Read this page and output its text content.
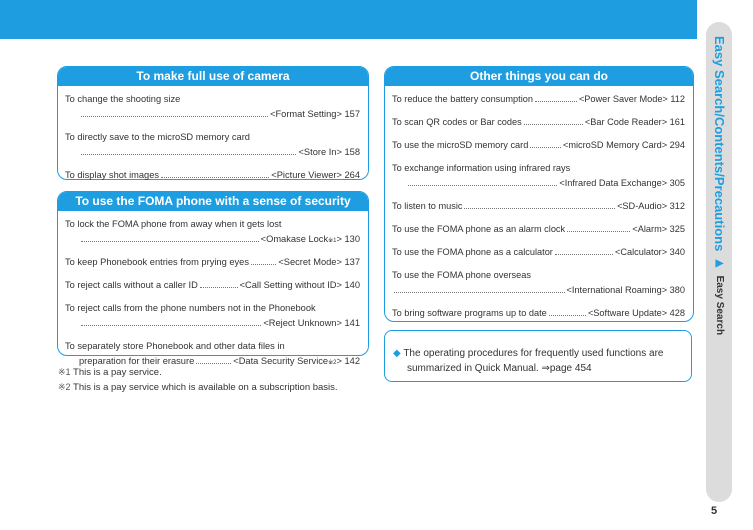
Easy Search/Contents/Precautions ▶ Easy Search
5
To make full use of camera
To change the shooting size
<Format Setting> 157
To directly save to the microSD memory card
<Store In> 158
To display shot images	<Picture Viewer> 264
To use the FOMA phone with a sense of security
To lock the FOMA phone from away when it gets lost
<Omakase Lock ※1 > 130
To keep Phonebook entries from prying eyes	<Secret Mode> 137
To reject calls without a caller ID	<Call Setting without ID> 140
To reject calls from the phone numbers not in the Phonebook
<Reject Unknown> 141
To separately store Phonebook and other data files in
preparation for their erasure	<Data Security Service ※2 > 142
※1 This is a pay service.
※2 This is a pay service which is available on a subscription basis.
Other things you can do
To reduce the battery consumption	<Power Saver Mode> 112
To scan QR codes or Bar codes	<Bar Code Reader> 161
To use the microSD memory card	<microSD Memory Card> 294
To exchange information using infrared rays
<Infrared Data Exchange> 305
To listen to music	<SD-Audio> 312
To use the FOMA phone as an alarm clock	<Alarm> 325
To use the FOMA phone as a calculator	<Calculator> 340
To use the FOMA phone overseas
<International Roaming> 380
To bring software programs up to date	<Software Update> 428
◆ The operating procedures for frequently used functions are
summarized in Quick Manual. ⇒page 454
